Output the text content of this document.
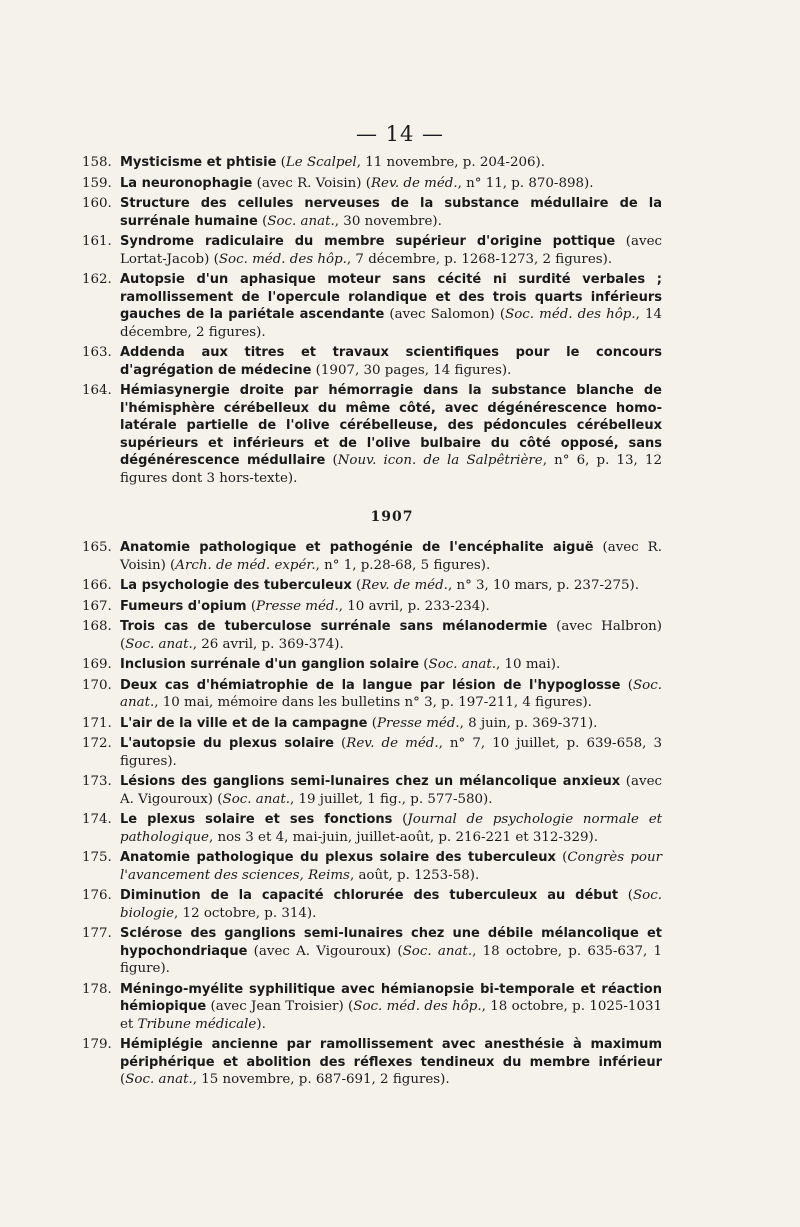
— 14 —
158. Mysticisme et phtisie (Le Scalpel, 11 novembre, p. 204-206).
159. La neuronophagie (avec R. Voisin) (Rev. de méd., n° 11, p. 870-898).
160. Structure des cellules nerveuses de la substance médullaire de la surrénale humaine (Soc. anat., 30 novembre).
161. Syndrome radiculaire du membre supérieur d'origine pottique (avec Lortat-Jacob) (Soc. méd. des hôp., 7 décembre, p. 1268-1273, 2 figures).
162. Autopsie d'un aphasique moteur sans cécité ni surdité verbales ; ramollissement de l'opercule rolandique et des trois quarts inférieurs gauches de la pariétale ascendante (avec Salomon) (Soc. méd. des hôp., 14 décembre, 2 figures).
163. Addenda aux titres et travaux scientifiques pour le concours d'agrégation de médecine (1907, 30 pages, 14 figures).
164. Hémiasynergie droite par hémorragie dans la substance blanche de l'hémisphère cérébelleux du même côté, avec dégénérescence homo-latérale partielle de l'olive cérébelleuse, des pédoncules cérébelleux supérieurs et inférieurs et de l'olive bulbaire du côté opposé, sans dégénérescence médullaire (Nouv. icon. de la Salpêtrière, n° 6, p. 13, 12 figures dont 3 hors-texte).
1907
165. Anatomie pathologique et pathogénie de l'encéphalite aiguë (avec R. Voisin) (Arch. de méd. expér., n° 1, p.28-68, 5 figures).
166. La psychologie des tuberculeux (Rev. de méd., n° 3, 10 mars, p. 237-275).
167. Fumeurs d'opium (Presse méd., 10 avril, p. 233-234).
168. Trois cas de tuberculose surrénale sans mélanodermie (avec Halbron) (Soc. anat., 26 avril, p. 369-374).
169. Inclusion surrénale d'un ganglion solaire (Soc. anat., 10 mai).
170. Deux cas d'hémiatrophie de la langue par lésion de l'hypoglosse (Soc. anat., 10 mai, mémoire dans les bulletins n° 3, p. 197-211, 4 figures).
171. L'air de la ville et de la campagne (Presse méd., 8 juin, p. 369-371).
172. L'autopsie du plexus solaire (Rev. de méd., n° 7, 10 juillet, p. 639-658, 3 figures).
173. Lésions des ganglions semi-lunaires chez un mélancolique anxieux (avec A. Vigouroux) (Soc. anat., 19 juillet, 1 fig., p. 577-580).
174. Le plexus solaire et ses fonctions (Journal de psychologie normale et pathologique, nos 3 et 4, mai-juin, juillet-août, p. 216-221 et 312-329).
175. Anatomie pathologique du plexus solaire des tuberculeux (Congrès pour l'avancement des sciences, Reims, août, p. 1253-58).
176. Diminution de la capacité chlorurée des tuberculeux au début (Soc. biologie, 12 octobre, p. 314).
177. Sclérose des ganglions semi-lunaires chez une débile mélancolique et hypochondriaque (avec A. Vigouroux) (Soc. anat., 18 octobre, p. 635-637, 1 figure).
178. Méningo-myélite syphilitique avec hémianopsie bi-temporale et réaction hémiopique (avec Jean Troisier) (Soc. méd. des hôp., 18 octobre, p. 1025-1031 et Tribune médicale).
179. Hémiplégie ancienne par ramollissement avec anesthésie à maximum périphérique et abolition des réflexes tendineux du membre inférieur (Soc. anat., 15 novembre, p. 687-691, 2 figures).
